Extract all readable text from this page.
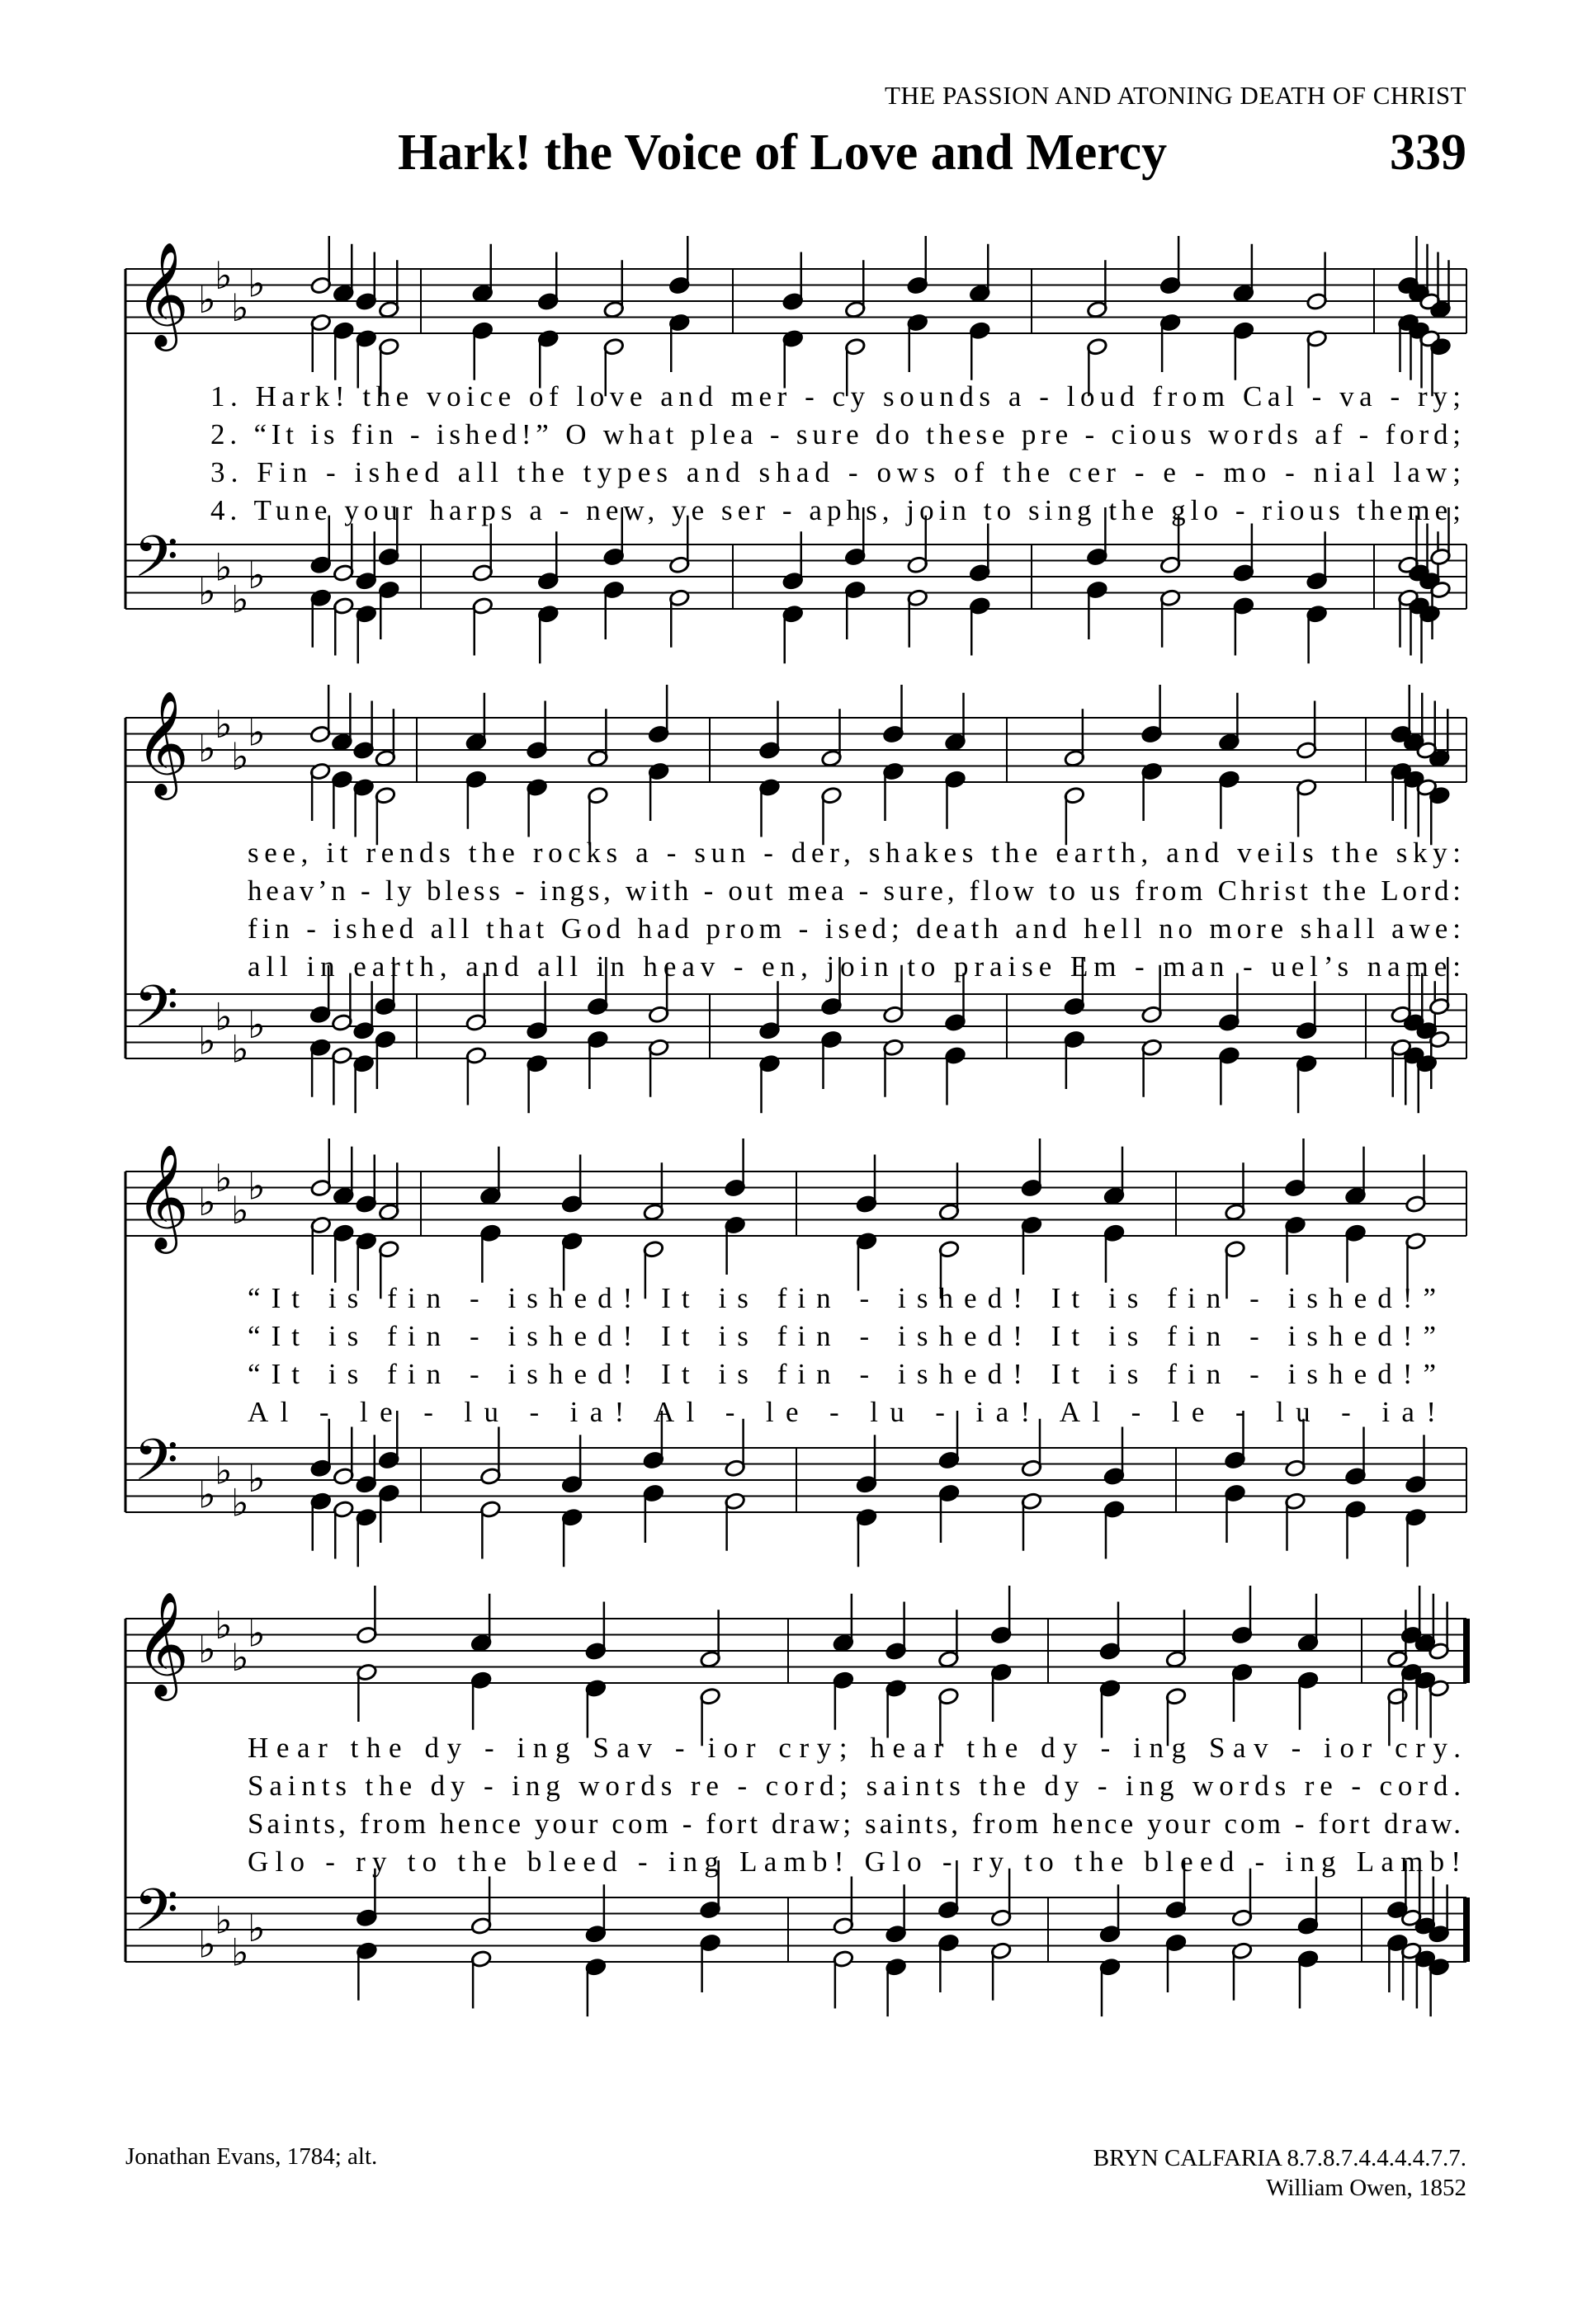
THE PASSION AND ATONING DEATH OF CHRIST
Hark! the Voice of Love and Mercy	339
𝄞
𝄢
♭
♭
♭
♭
♭
♭
♭
♭
1. Hark! the voice of love and mer - cy sounds a - loud from Cal - va - ry;
2. “It is fin - ished!” O what plea - sure do these pre - cious words af - ford;
3. Fin - ished all the types and shad - ows of the cer - e - mo - nial law;
4. Tune your harps a - new, ye ser - aphs, join to sing the glo - rious theme;
𝄞
𝄢
♭
♭
♭
♭
♭
♭
♭
♭
see, it rends the rocks a - sun - der, shakes the earth, and veils the sky:
heav’n - ly bless - ings, with - out mea - sure, flow to us from Christ the Lord:
fin - ished all that God had prom - ised; death and hell no more shall awe:
all in earth, and all in heav - en, join to praise Em - man - uel’s name:
𝄞
𝄢
♭
♭
♭
♭
♭
♭
♭
♭
“It is fin - ished! It is fin - ished! It is fin - ished!”
“It is fin - ished! It is fin - ished! It is fin - ished!”
“It is fin - ished! It is fin - ished! It is fin - ished!”
Al - le - lu - ia! Al - le - lu - ia! Al - le - lu - ia!
𝄞
𝄢
♭
♭
♭
♭
♭
♭
♭
♭
Hear the dy - ing Sav - ior cry; hear the dy - ing Sav - ior cry.
Saints the dy - ing words re - cord; saints the dy - ing words re - cord.
Saints, from hence your com - fort draw; saints, from hence your com - fort draw.
Glo - ry to the bleed - ing Lamb! Glo - ry to the bleed - ing Lamb!
Jonathan Evans, 1784; alt.	BRYN CALFARIA 8.7.8.7.4.4.4.4.7.7.
William Owen, 1852
